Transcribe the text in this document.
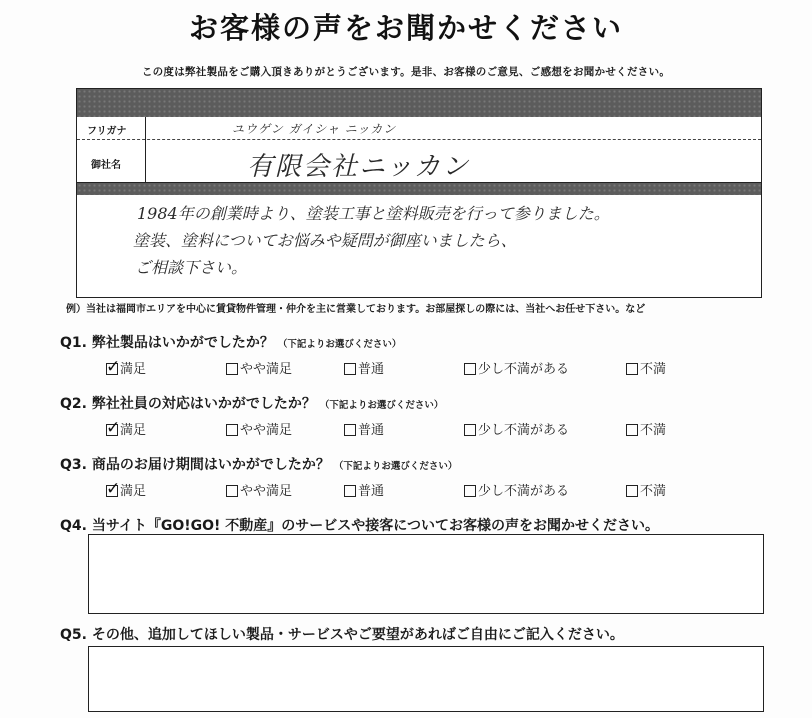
お客様の声をお聞かせください
この度は弊社製品をご購入頂きありがとうございます。是非、お客様のご意見、ご感想をお聞かせください。
フリガナ	ユウゲン ガイシャ ニッカン
御社名	有限会社ニッカン
1984年の創業時より、塗装工事と塗料販売を行って参りました。
塗装、塗料についてお悩みや疑問が御座いましたら、
ご相談下さい。
例）当社は福岡市エリアを中心に賃貸物件管理・仲介を主に営業しております。お部屋探しの際には、当社へお任せ下さい。など
Q1. 弊社製品はいかがでしたか？ （下記よりお選びください）
✓ 満足	やや満足	普通	少し不満がある	不満
Q2. 弊社社員の対応はいかがでしたか？ （下記よりお選びください）
✓ 満足	やや満足	普通	少し不満がある	不満
Q3. 商品のお届け期間はいかがでしたか？ （下記よりお選びください）
✓ 満足	やや満足	普通	少し不満がある	不満
Q4. 当サイト『GO!GO! 不動産』のサービスや接客についてお客様の声をお聞かせください。
Q5. その他、追加してほしい製品・サービスやご要望があればご自由にご記入ください。
